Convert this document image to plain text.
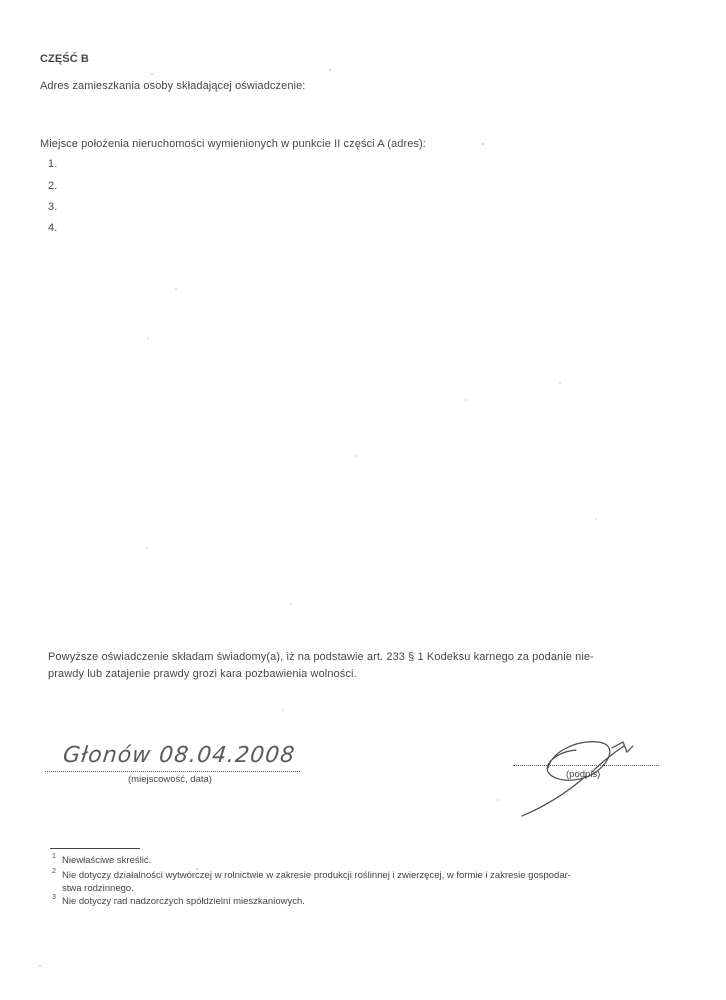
CZĘŚĆ B
Adres zamieszkania osoby składającej oświadczenie:
Miejsce położenia nieruchomości wymienionych w punkcie II części A (adres):
1.
2.
3.
4.
Powyższe oświadczenie składam świadomy(a), iż na podstawie art. 233 § 1 Kodeksu karnego za podanie nie-
prawdy lub zatajenie prawdy grozi kara pozbawienia wolności.
Głonów 08.04.2008
(miejscowość, data)	(podpis)
1 Niewłaściwe skreślić.
2 Nie dotyczy działalności wytwórczej w rolnictwie w zakresie produkcji roślinnej i zwierzęcej, w formie i zakresie gospodar-
stwa rodzinnego.
3 Nie dotyczy rad nadzorczych spółdzielni mieszkaniowych.
